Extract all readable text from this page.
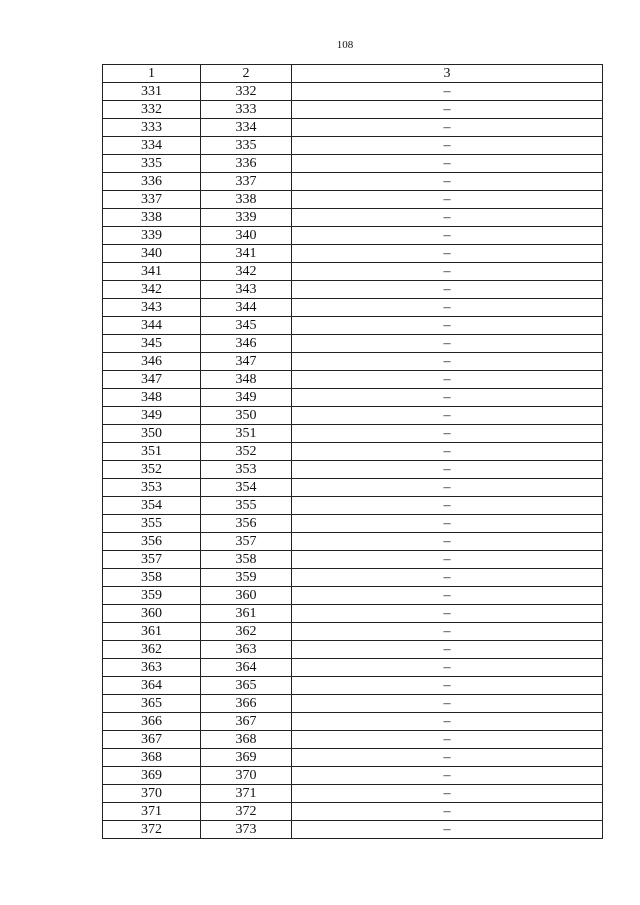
108
1	2	3
331	332	–
332	333	–
333	334	–
334	335	–
335	336	–
336	337	–
337	338	–
338	339	–
339	340	–
340	341	–
341	342	–
342	343	–
343	344	–
344	345	–
345	346	–
346	347	–
347	348	–
348	349	–
349	350	–
350	351	–
351	352	–
352	353	–
353	354	–
354	355	–
355	356	–
356	357	–
357	358	–
358	359	–
359	360	–
360	361	–
361	362	–
362	363	–
363	364	–
364	365	–
365	366	–
366	367	–
367	368	–
368	369	–
369	370	–
370	371	–
371	372	–
372	373	–
